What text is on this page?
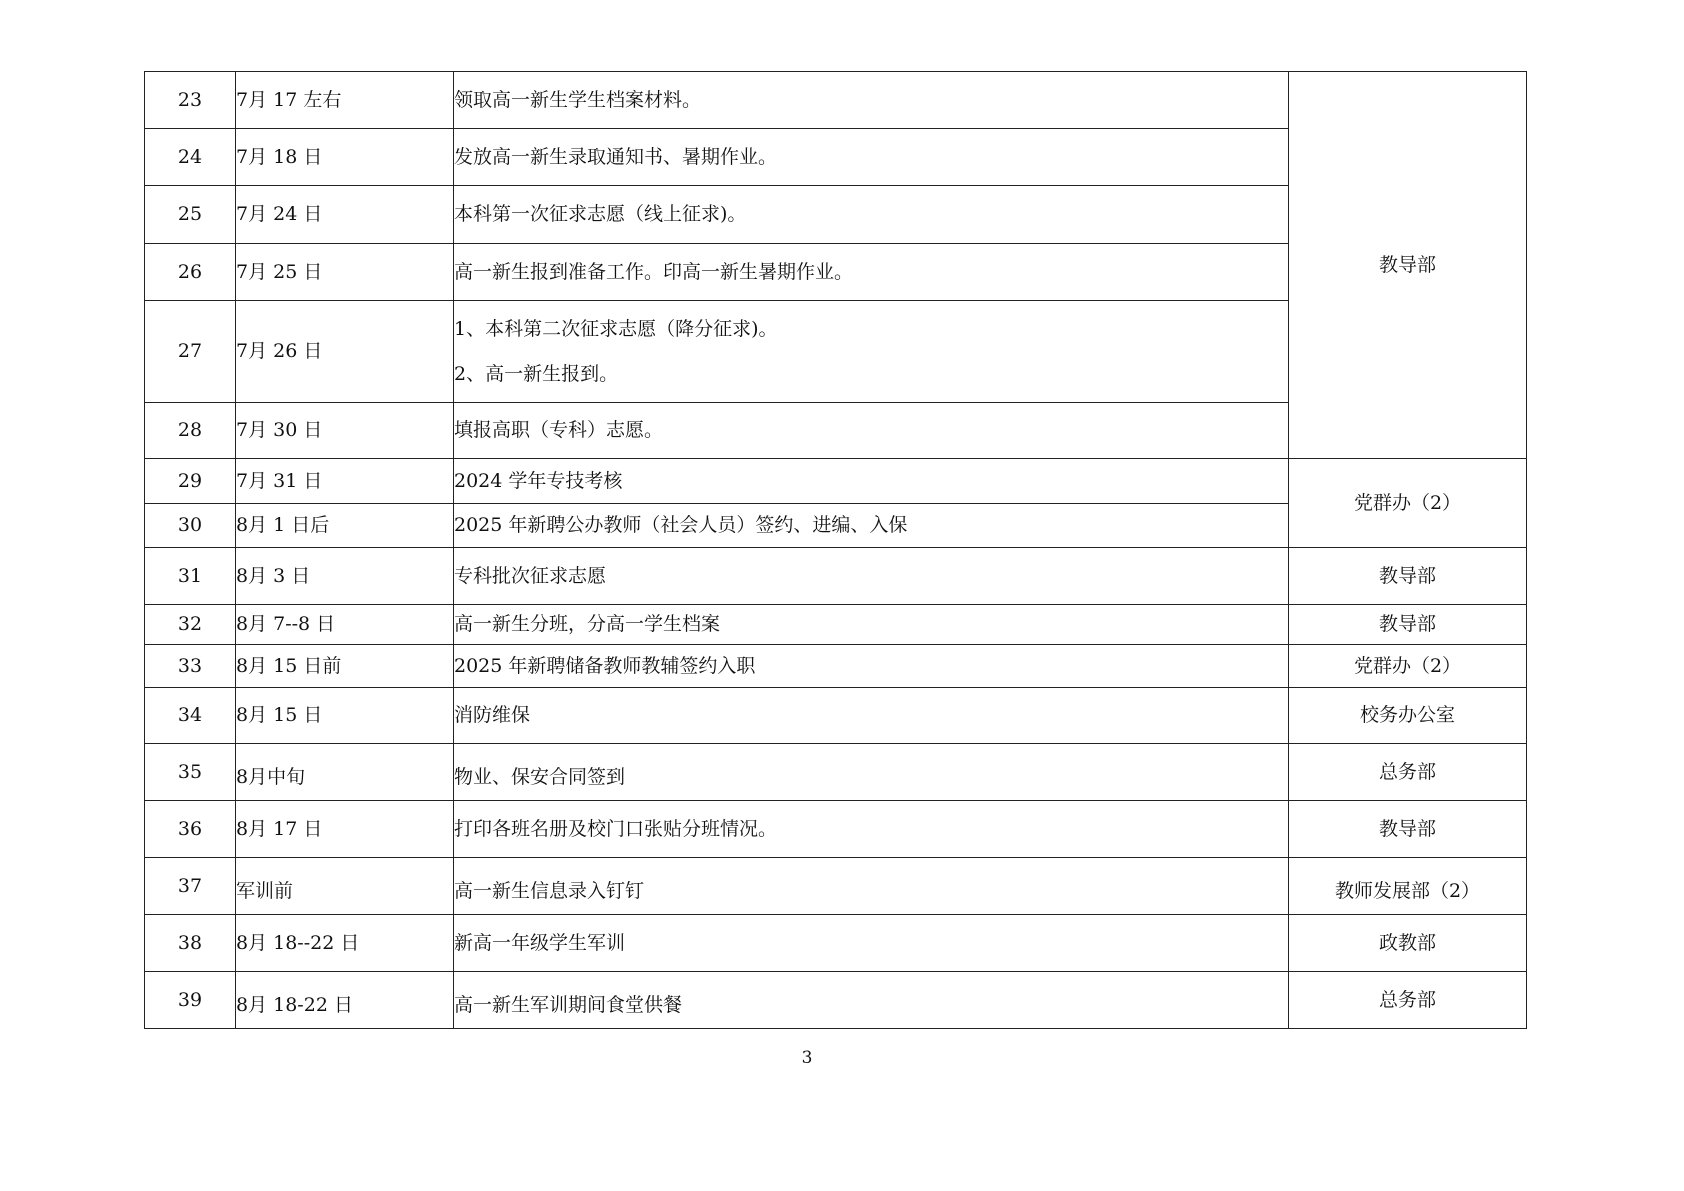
23	7月 17 左右	领取高一新生学生档案材料。	教导部
24	7月 18 日	发放高一新生录取通知书、暑期作业。	
25	7月 24 日	本科第一次征求志愿（线上征求)。	
26	7月 25 日	高一新生报到准备工作。印高一新生暑期作业。	
27	7月 26 日	1、本科第二次征求志愿（降分征求)。
2、高一新生报到。	

28	7月 30 日	填报高职（专科）志愿。	
29	7月 31 日	2024 学年专技考核	党群办（2）
30	8月 1 日后	2025 年新聘公办教师（社会人员）签约、进编、入保	
31	8月 3 日	专科批次征求志愿	教导部
32	8月 7--8 日	高一新生分班，分高一学生档案	教导部
33	8月 15 日前	2025 年新聘储备教师教辅签约入职	党群办（2）
34	8月 15 日	消防维保	校务办公室
35	8月中旬	物业、保安合同签到	总务部
36	8月 17 日	打印各班名册及校门口张贴分班情况。	教导部
37	军训前	高一新生信息录入钉钉	教师发展部（2）
38	8月 18--22 日	新高一年级学生军训	政教部
39	8月 18-22 日	高一新生军训期间食堂供餐	总务部
3
